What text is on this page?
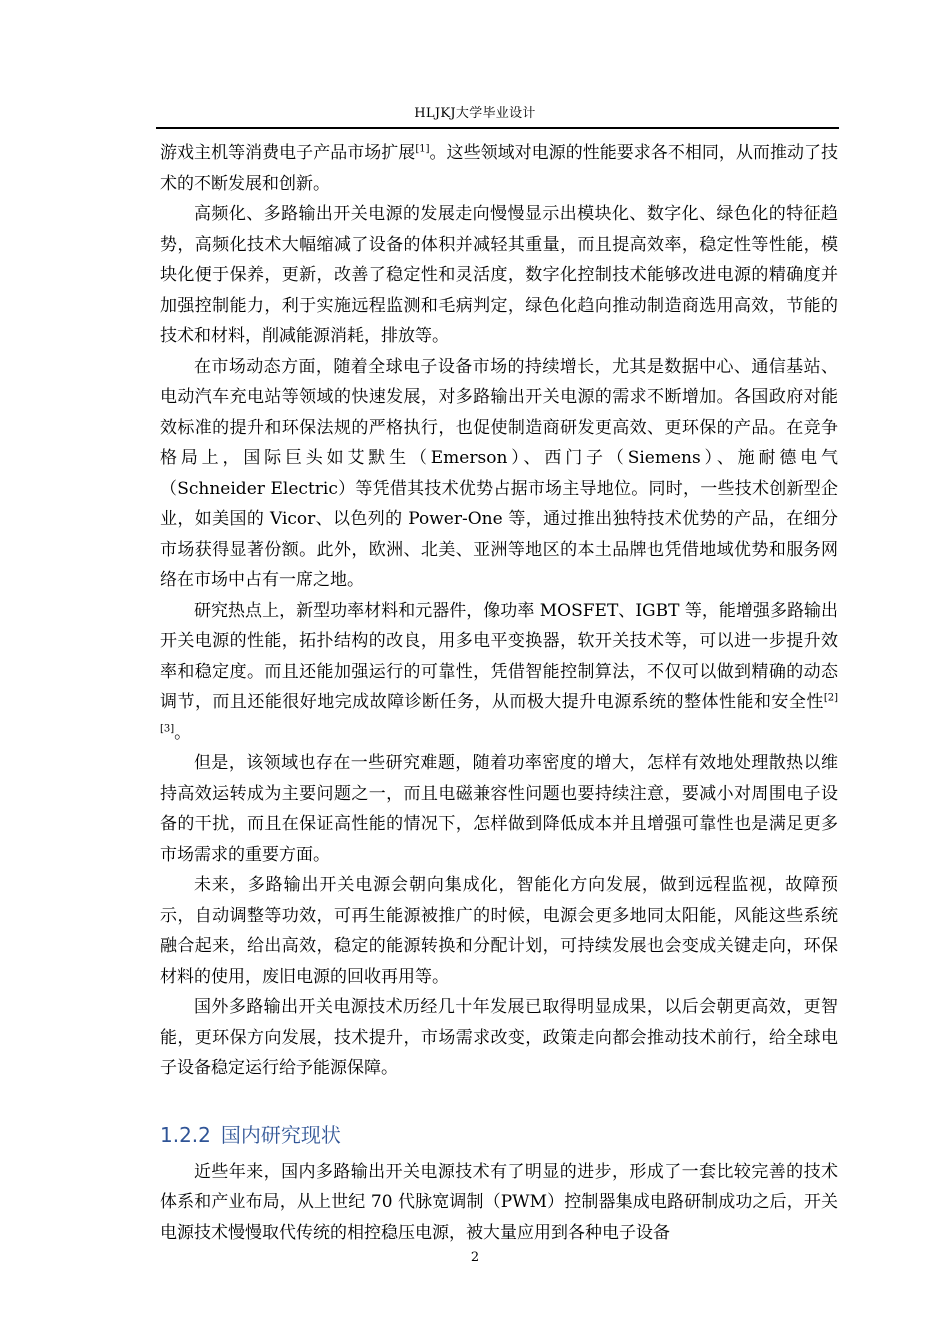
HLJKJ大学毕业设计

游戏主机等消费电子产品市场扩展[1]。这些领域对电源的性能要求各不相同，从而推动了技术的不断发展和创新。

高频化、多路输出开关电源的发展走向慢慢显示出模块化、数字化、绿色化的特征趋势，高频化技术大幅缩减了设备的体积并减轻其重量，而且提高效率，稳定性等性能，模块化便于保养，更新，改善了稳定性和灵活度，数字化控制技术能够改进电源的精确度并加强控制能力，利于实施远程监测和毛病判定，绿色化趋向推动制造商选用高效，节能的技术和材料，削减能源消耗，排放等。

在市场动态方面，随着全球电子设备市场的持续增长，尤其是数据中心、通信基站、电动汽车充电站等领域的快速发展，对多路输出开关电源的需求不断增加。各国政府对能效标准的提升和环保法规的严格执行，也促使制造商研发更高效、更环保的产品。在竞争格局上，国际巨头如艾默生（Emerson）、西门子（Siemens）、施耐德电气（Schneider Electric）等凭借其技术优势占据市场主导地位。同时，一些技术创新型企业，如美国的 Vicor、以色列的 Power-One 等，通过推出独特技术优势的产品，在细分市场获得显著份额。此外，欧洲、北美、亚洲等地区的本土品牌也凭借地域优势和服务网络在市场中占有一席之地。

研究热点上，新型功率材料和元器件，像功率 MOSFET、IGBT 等，能增强多路输出开关电源的性能，拓扑结构的改良，用多电平变换器，软开关技术等，可以进一步提升效率和稳定度。而且还能加强运行的可靠性，凭借智能控制算法，不仅可以做到精确的动态调节，而且还能很好地完成故障诊断任务，从而极大提升电源系统的整体性能和安全性[2][3]。

但是，该领域也存在一些研究难题，随着功率密度的增大，怎样有效地处理散热以维持高效运转成为主要问题之一，而且电磁兼容性问题也要持续注意，要减小对周围电子设备的干扰，而且在保证高性能的情况下，怎样做到降低成本并且增强可靠性也是满足更多市场需求的重要方面。

未来，多路输出开关电源会朝向集成化，智能化方向发展，做到远程监视，故障预示，自动调整等功效，可再生能源被推广的时候，电源会更多地同太阳能，风能这些系统融合起来，给出高效，稳定的能源转换和分配计划，可持续发展也会变成关键走向，环保材料的使用，废旧电源的回收再用等。

国外多路输出开关电源技术历经几十年发展已取得明显成果，以后会朝更高效，更智能，更环保方向发展，技术提升，市场需求改变，政策走向都会推动技术前行，给全球电子设备稳定运行给予能源保障。

1.2.2 国内研究现状

近些年来，国内多路输出开关电源技术有了明显的进步，形成了一套比较完善的技术体系和产业布局，从上世纪 70 代脉宽调制（PWM）控制器集成电路研制成功之后，开关电源技术慢慢取代传统的相控稳压电源，被大量应用到各种电子设备

2
